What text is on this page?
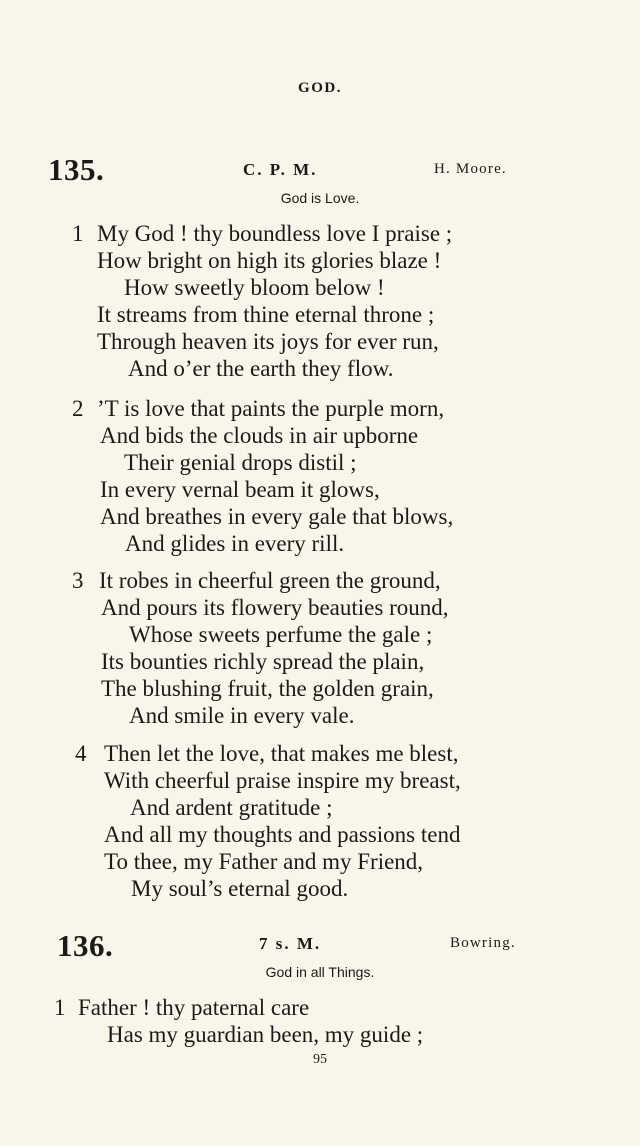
GOD.
135.	C. P. M.	H. Moore.
God is Love.
1 My God ! thy boundless love I praise ;
How bright on high its glories blaze !
How sweetly bloom below !
It streams from thine eternal throne ;
Through heaven its joys for ever run,
And o’er the earth they flow.
2 ’T is love that paints the purple morn,
And bids the clouds in air upborne
Their genial drops distil ;
In every vernal beam it glows,
And breathes in every gale that blows,
And glides in every rill.
3 It robes in cheerful green the ground,
And pours its flowery beauties round,
Whose sweets perfume the gale ;
Its bounties richly spread the plain,
The blushing fruit, the golden grain,
And smile in every vale.
4 Then let the love, that makes me blest,
With cheerful praise inspire my breast,
And ardent gratitude ;
And all my thoughts and passions tend
To thee, my Father and my Friend,
My soul’s eternal good.
136.	7 s. M.	Bowring.
God in all Things.
1 Father ! thy paternal care
Has my guardian been, my guide ;
95
